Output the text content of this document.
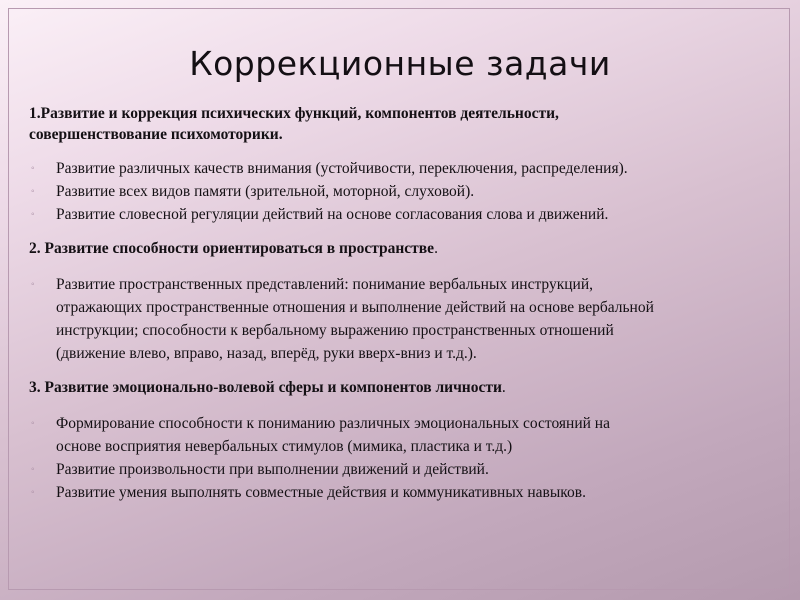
Коррекционные задачи

1.Развитие и коррекция психических функций, компонентов деятельности,
совершенствование психомоторики.

◦ Развитие различных качеств внимания (устойчивости, переключения, распределения).
◦ Развитие всех видов памяти (зрительной, моторной, слуховой).
◦ Развитие словесной регуляции действий на основе согласования слова и движений.

2. Развитие способности ориентироваться в пространстве.

◦ Развитие пространственных представлений: понимание вербальных инструкций,
отражающих пространственные отношения и выполнение действий на основе вербальной
инструкции; способности к вербальному выражению пространственных отношений
(движение влево, вправо, назад, вперёд, руки вверх-вниз и т.д.).

3. Развитие эмоционально-волевой сферы и компонентов личности.

◦ Формирование способности к пониманию различных эмоциональных состояний на
основе восприятия невербальных стимулов (мимика, пластика и т.д.)
◦ Развитие произвольности при выполнении движений и действий.
◦ Развитие умения выполнять совместные действия и коммуникативных навыков.
